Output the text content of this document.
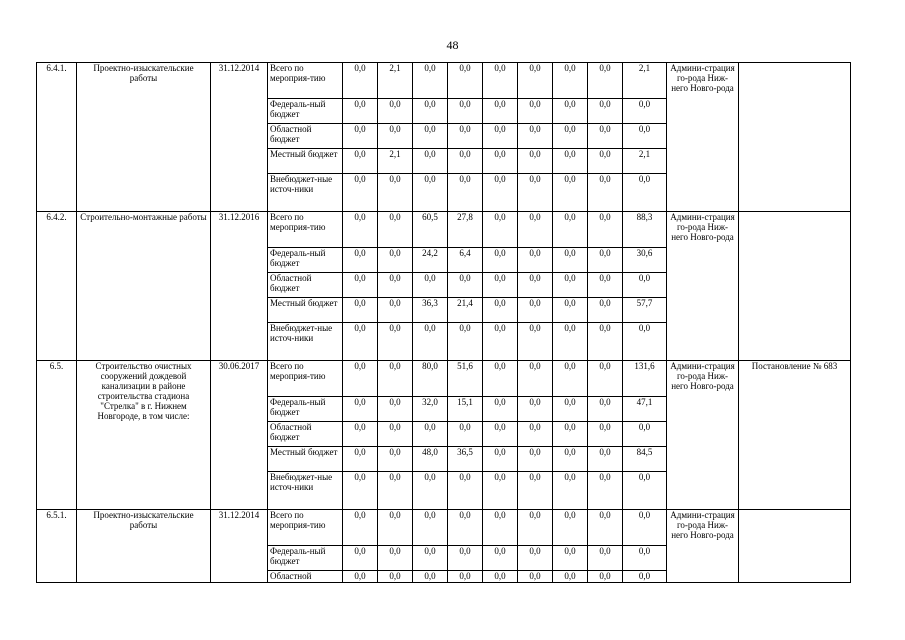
48
6.4.1.	Проектно-изыскательские работы	31.12.2014	Всего по мероприя-тию	0,0	2,1	0,0	0,0	0,0	0,0	0,0	0,0	2,1	Админи-страция го-рода Ниж-него Новго-рода	
			Федераль-ный бюджет	0,0	0,0	0,0	0,0	0,0	0,0	0,0	0,0	0,0		
			Областной бюджет	0,0	0,0	0,0	0,0	0,0	0,0	0,0	0,0	0,0		
			Местный бюджет	0,0	2,1	0,0	0,0	0,0	0,0	0,0	0,0	2,1		
			Внебюджет-ные источ-ники	0,0	0,0	0,0	0,0	0,0	0,0	0,0	0,0	0,0		
6.4.2.	Строительно-монтажные работы	31.12.2016	Всего по мероприя-тию	0,0	0,0	60,5	27,8	0,0	0,0	0,0	0,0	88,3	Админи-страция го-рода Ниж-него Новго-рода	
			Федераль-ный бюджет	0,0	0,0	24,2	6,4	0,0	0,0	0,0	0,0	30,6		
			Областной бюджет	0,0	0,0	0,0	0,0	0,0	0,0	0,0	0,0	0,0		
			Местный бюджет	0,0	0,0	36,3	21,4	0,0	0,0	0,0	0,0	57,7		
			Внебюджет-ные источ-ники	0,0	0,0	0,0	0,0	0,0	0,0	0,0	0,0	0,0		
6.5.	Строительство очистных сооружений дождевой канализации в районе строительства стадиона "Стрелка" в г. Нижнем Новгороде, в том числе:	30.06.2017	Всего по мероприя-тию	0,0	0,0	80,0	51,6	0,0	0,0	0,0	0,0	131,6	Админи-страция го-рода Ниж-него Новго-рода	Постановление № 683
			Федераль-ный бюджет	0,0	0,0	32,0	15,1	0,0	0,0	0,0	0,0	47,1		
			Областной бюджет	0,0	0,0	0,0	0,0	0,0	0,0	0,0	0,0	0,0		
			Местный бюджет	0,0	0,0	48,0	36,5	0,0	0,0	0,0	0,0	84,5		
			Внебюджет-ные источ-ники	0,0	0,0	0,0	0,0	0,0	0,0	0,0	0,0	0,0		
6.5.1.	Проектно-изыскательские работы	31.12.2014	Всего по мероприя-тию	0,0	0,0	0,0	0,0	0,0	0,0	0,0	0,0	0,0	Админи-страция го-рода Ниж-него Новго-рода	
			Федераль-ный бюджет	0,0	0,0	0,0	0,0	0,0	0,0	0,0	0,0	0,0		
			Областной	0,0	0,0	0,0	0,0	0,0	0,0	0,0	0,0	0,0		
